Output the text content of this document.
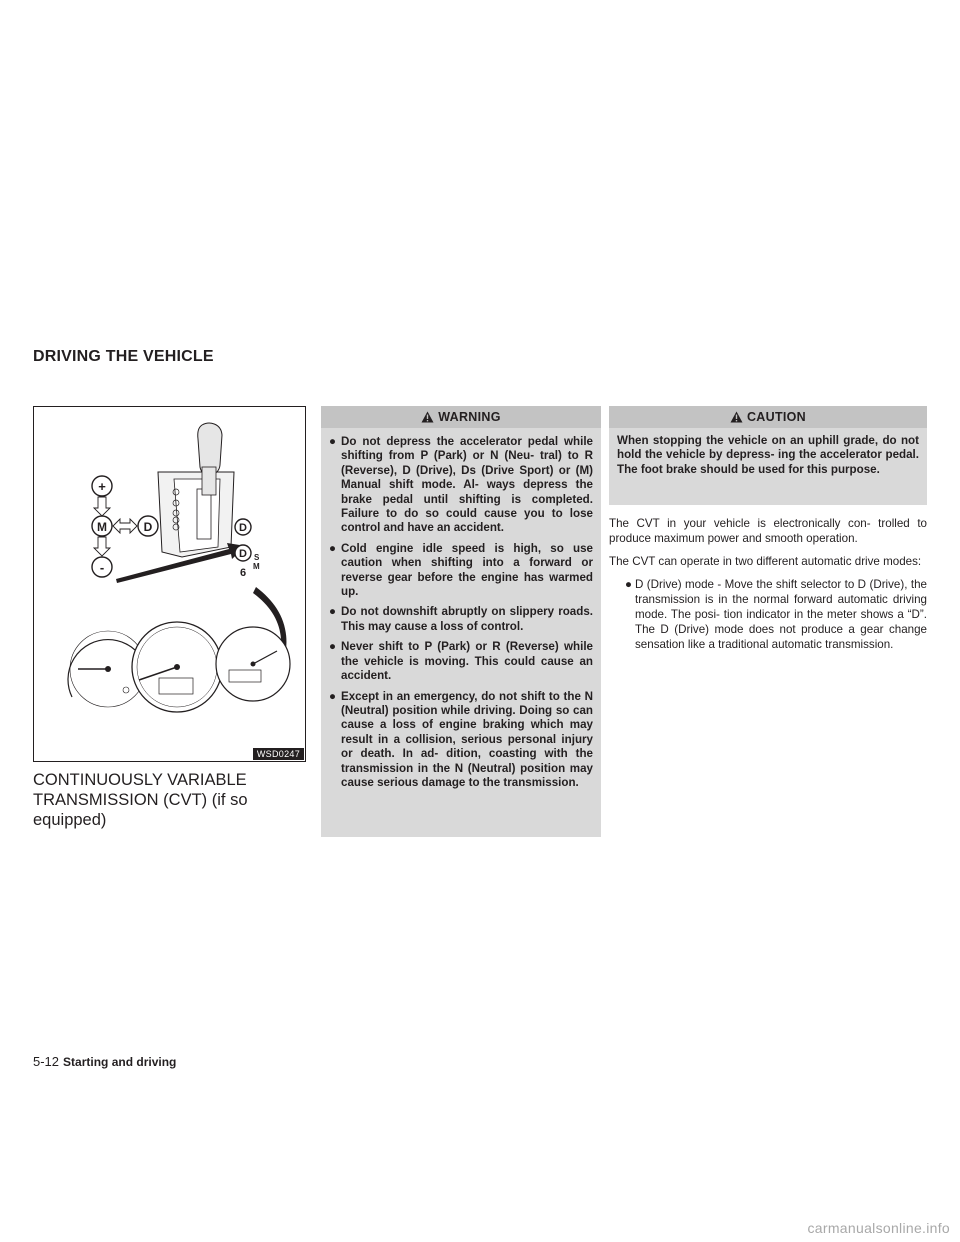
DRIVING THE VEHICLE
+
M	D
-
D
D S
6
M
WSD0247
CONTINUOUSLY VARIABLE TRANSMISSION (CVT) (if so equipped)
WARNING
● Do not depress the accelerator pedal while shifting from P (Park) or N (Neu- tral) to R (Reverse), D (Drive), Ds (Drive Sport) or (M) Manual shift mode. Al- ways depress the brake pedal until shifting is completed. Failure to do so could cause you to lose control and have an accident.
● Cold engine idle speed is high, so use caution when shifting into a forward or reverse gear before the engine has warmed up.
● Do not downshift abruptly on slippery roads. This may cause a loss of control.
● Never shift to P (Park) or R (Reverse) while the vehicle is moving. This could cause an accident.
● Except in an emergency, do not shift to the N (Neutral) position while driving. Doing so can cause a loss of engine braking which may result in a collision, serious personal injury or death. In ad- dition, coasting with the transmission in the N (Neutral) position may cause serious damage to the transmission.
CAUTION

When stopping the vehicle on an uphill grade, do not hold the vehicle by depress- ing the accelerator pedal. The foot brake should be used for this purpose.

The CVT in your vehicle is electronically con- trolled to produce maximum power and smooth operation.

The CVT can operate in two different automatic drive modes:

● D (Drive) mode - Move the shift selector to D (Drive), the transmission is in the normal forward automatic driving mode. The posi- tion indicator in the meter shows a “D”. The D (Drive) mode does not produce a gear change sensation like a traditional automatic transmission.

5-12 Starting and driving
carmanualsonline.info
